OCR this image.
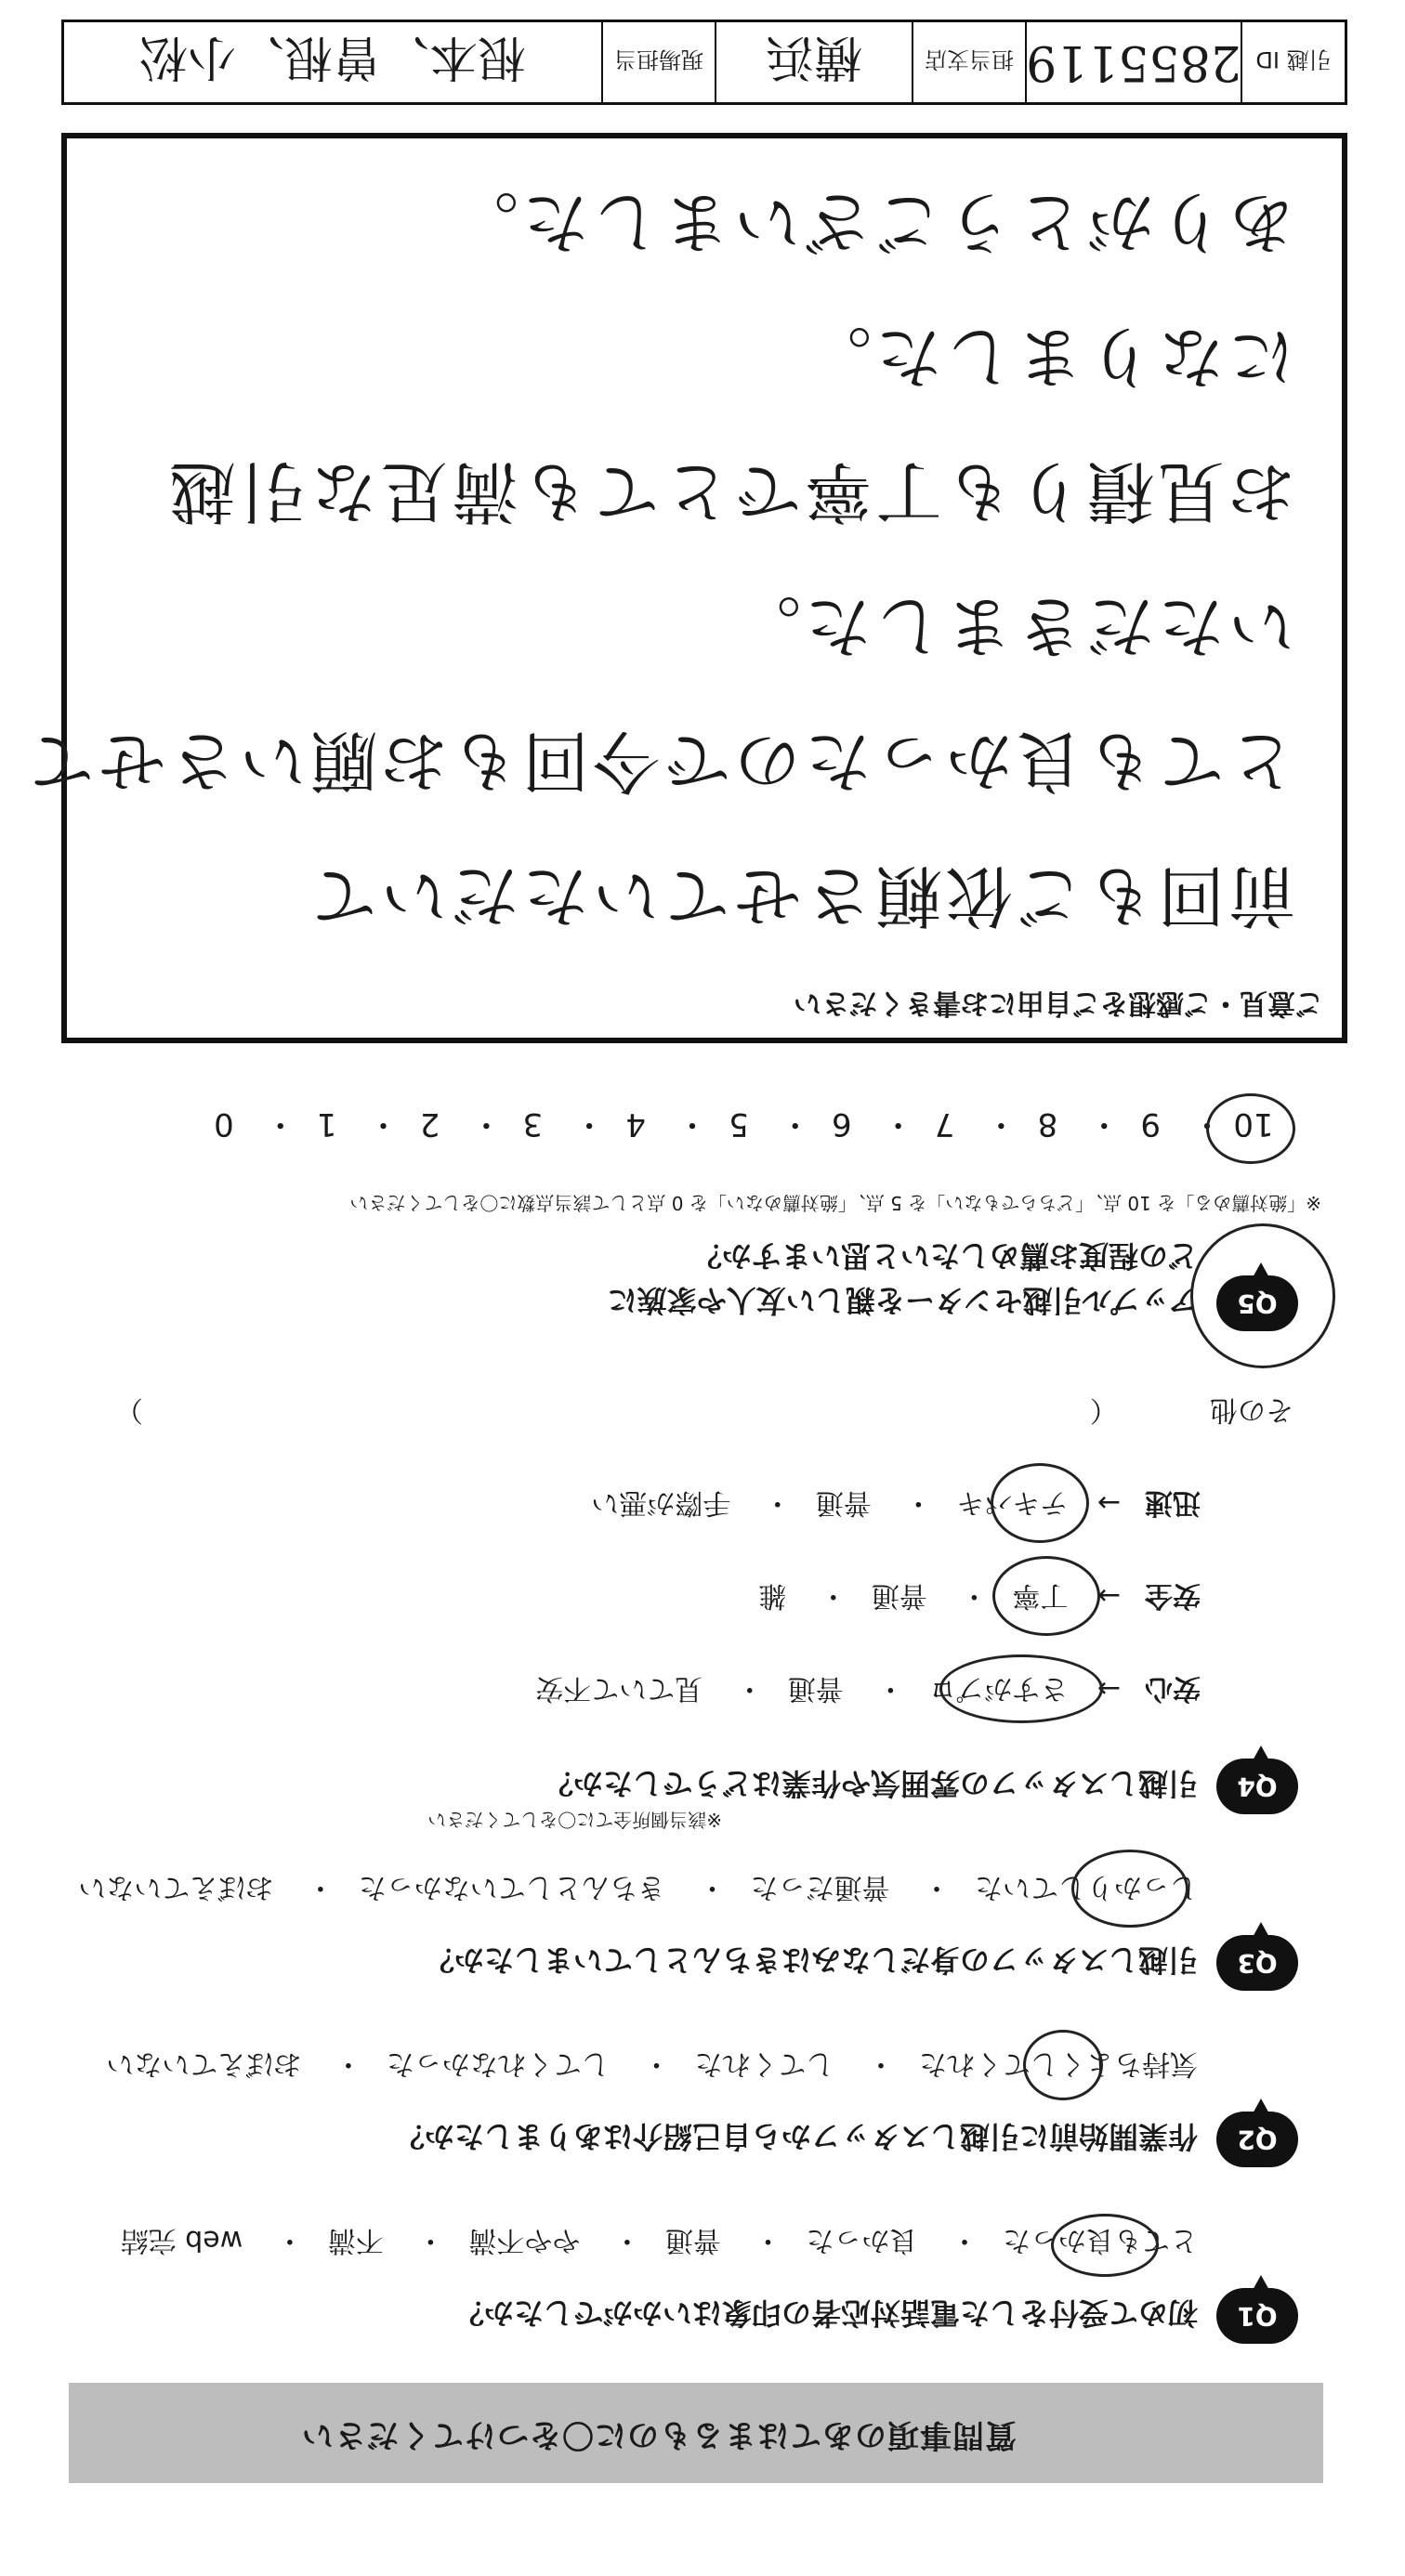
質問事項のあてはまるものに〇をつけてください
Q1
初めて受付をした電話対応者の印象はいかがでしたか？
とても良かった・ 良かった・ 普通・ やや不満・ 不満・ web 完結
Q2
作業開始前に引越しスタッフから自己紹介はありましたか？
気持ちよくしてくれた・ してくれた・ してくれなかった・ おぼえていない
Q3
引越しスタッフの身だしなみはきちんとしていましたか？
しっかりしていた・ 普通だった・ きちんとしていなかった・ おぼえていない
Q4
引越しスタッフの雰囲気や作業はどうでしたか？
※該当個所全てに〇をしてください
安心→ さすがプロ・ 普通・ 見ていて不安
安全→ 丁寧・ 普通・ 雑
迅速→ テキパキ・ 普通・ 手際が悪い
その他  （  ）
Q5
アップル引越センターを親しい友人や家族に
どの程度お薦めしたいと思いますか？
※「絶対薦める」を 10 点、「どちらでもない」を 5 点、「絶対薦めない」を 0 点として該当点数に〇をしてください
10・ 9・ 8・ 7・ 6・ 5・ 4・ 3・ 2・ 1・ 0
ご意見・ご感想をご自由にお書きください
前回もご依頼させていただいて
とても良かったので今回もお願いさせて
いただきました。
お見積りも丁寧でとても満足な引越
になりました。
ありがとうございました。
引越 ID
2855119
担当支店
横浜
現場担当
根本、曽根、小松
